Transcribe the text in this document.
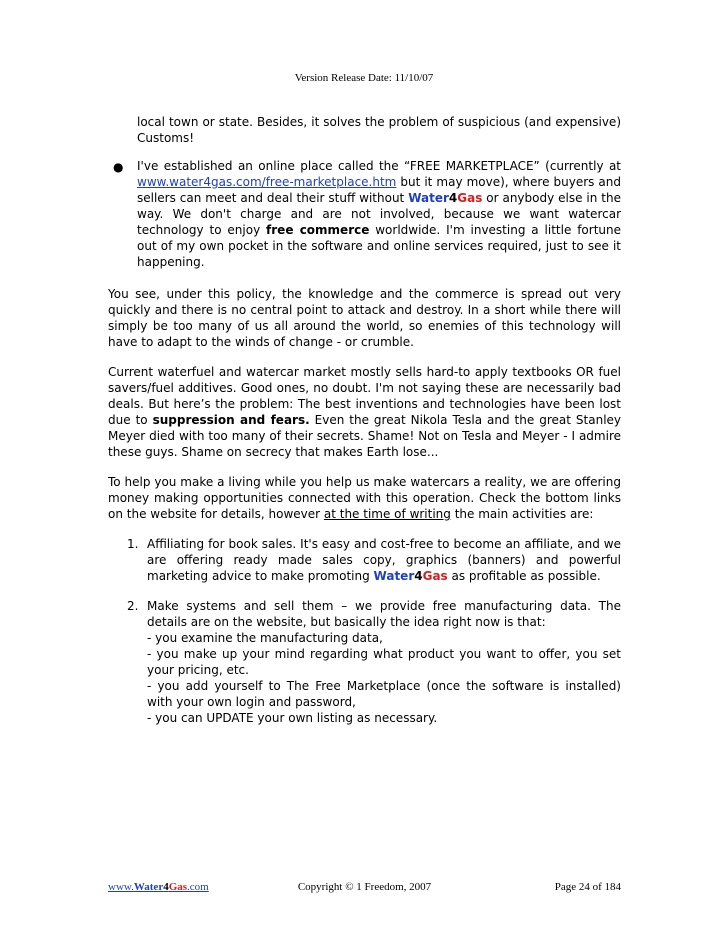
Version Release Date: 11/10/07
local town or state. Besides, it solves the problem of suspicious (and expensive) Customs!
● I've established an online place called the “FREE MARKETPLACE” (currently at www.water4gas.com/free-marketplace.htm but it may move), where buyers and sellers can meet and deal their stuff without Water4Gas or anybody else in the way. We don't charge and are not involved, because we want watercar technology to enjoy free commerce worldwide. I'm investing a little fortune out of my own pocket in the software and online services required, just to see it happening.

You see, under this policy, the knowledge and the commerce is spread out very quickly and there is no central point to attack and destroy. In a short while there will simply be too many of us all around the world, so enemies of this technology will have to adapt to the winds of change - or crumble.

Current waterfuel and watercar market mostly sells hard-to apply textbooks OR fuel savers/fuel additives. Good ones, no doubt. I'm not saying these are necessarily bad deals. But here’s the problem: The best inventions and technologies have been lost due to suppression and fears. Even the great Nikola Tesla and the great Stanley Meyer died with too many of their secrets. Shame! Not on Tesla and Meyer - I admire these guys. Shame on secrecy that makes Earth lose...

To help you make a living while you help us make watercars a reality, we are offering money making opportunities connected with this operation. Check the bottom links on the website for details, however at the time of writing the main activities are:

1. Affiliating for book sales. It's easy and cost-free to become an affiliate, and we are offering ready made sales copy, graphics (banners) and powerful marketing advice to make promoting Water4Gas as profitable as possible.
2. Make systems and sell them – we provide free manufacturing data. The details are on the website, but basically the idea right now is that:
- you examine the manufacturing data,
- you make up your mind regarding what product you want to offer, you set your pricing, etc.
- you add yourself to The Free Marketplace (once the software is installed) with your own login and password,
- you can UPDATE your own listing as necessary.
www.Water4Gas.com	Copyright © 1 Freedom, 2007	Page 24 of 184
